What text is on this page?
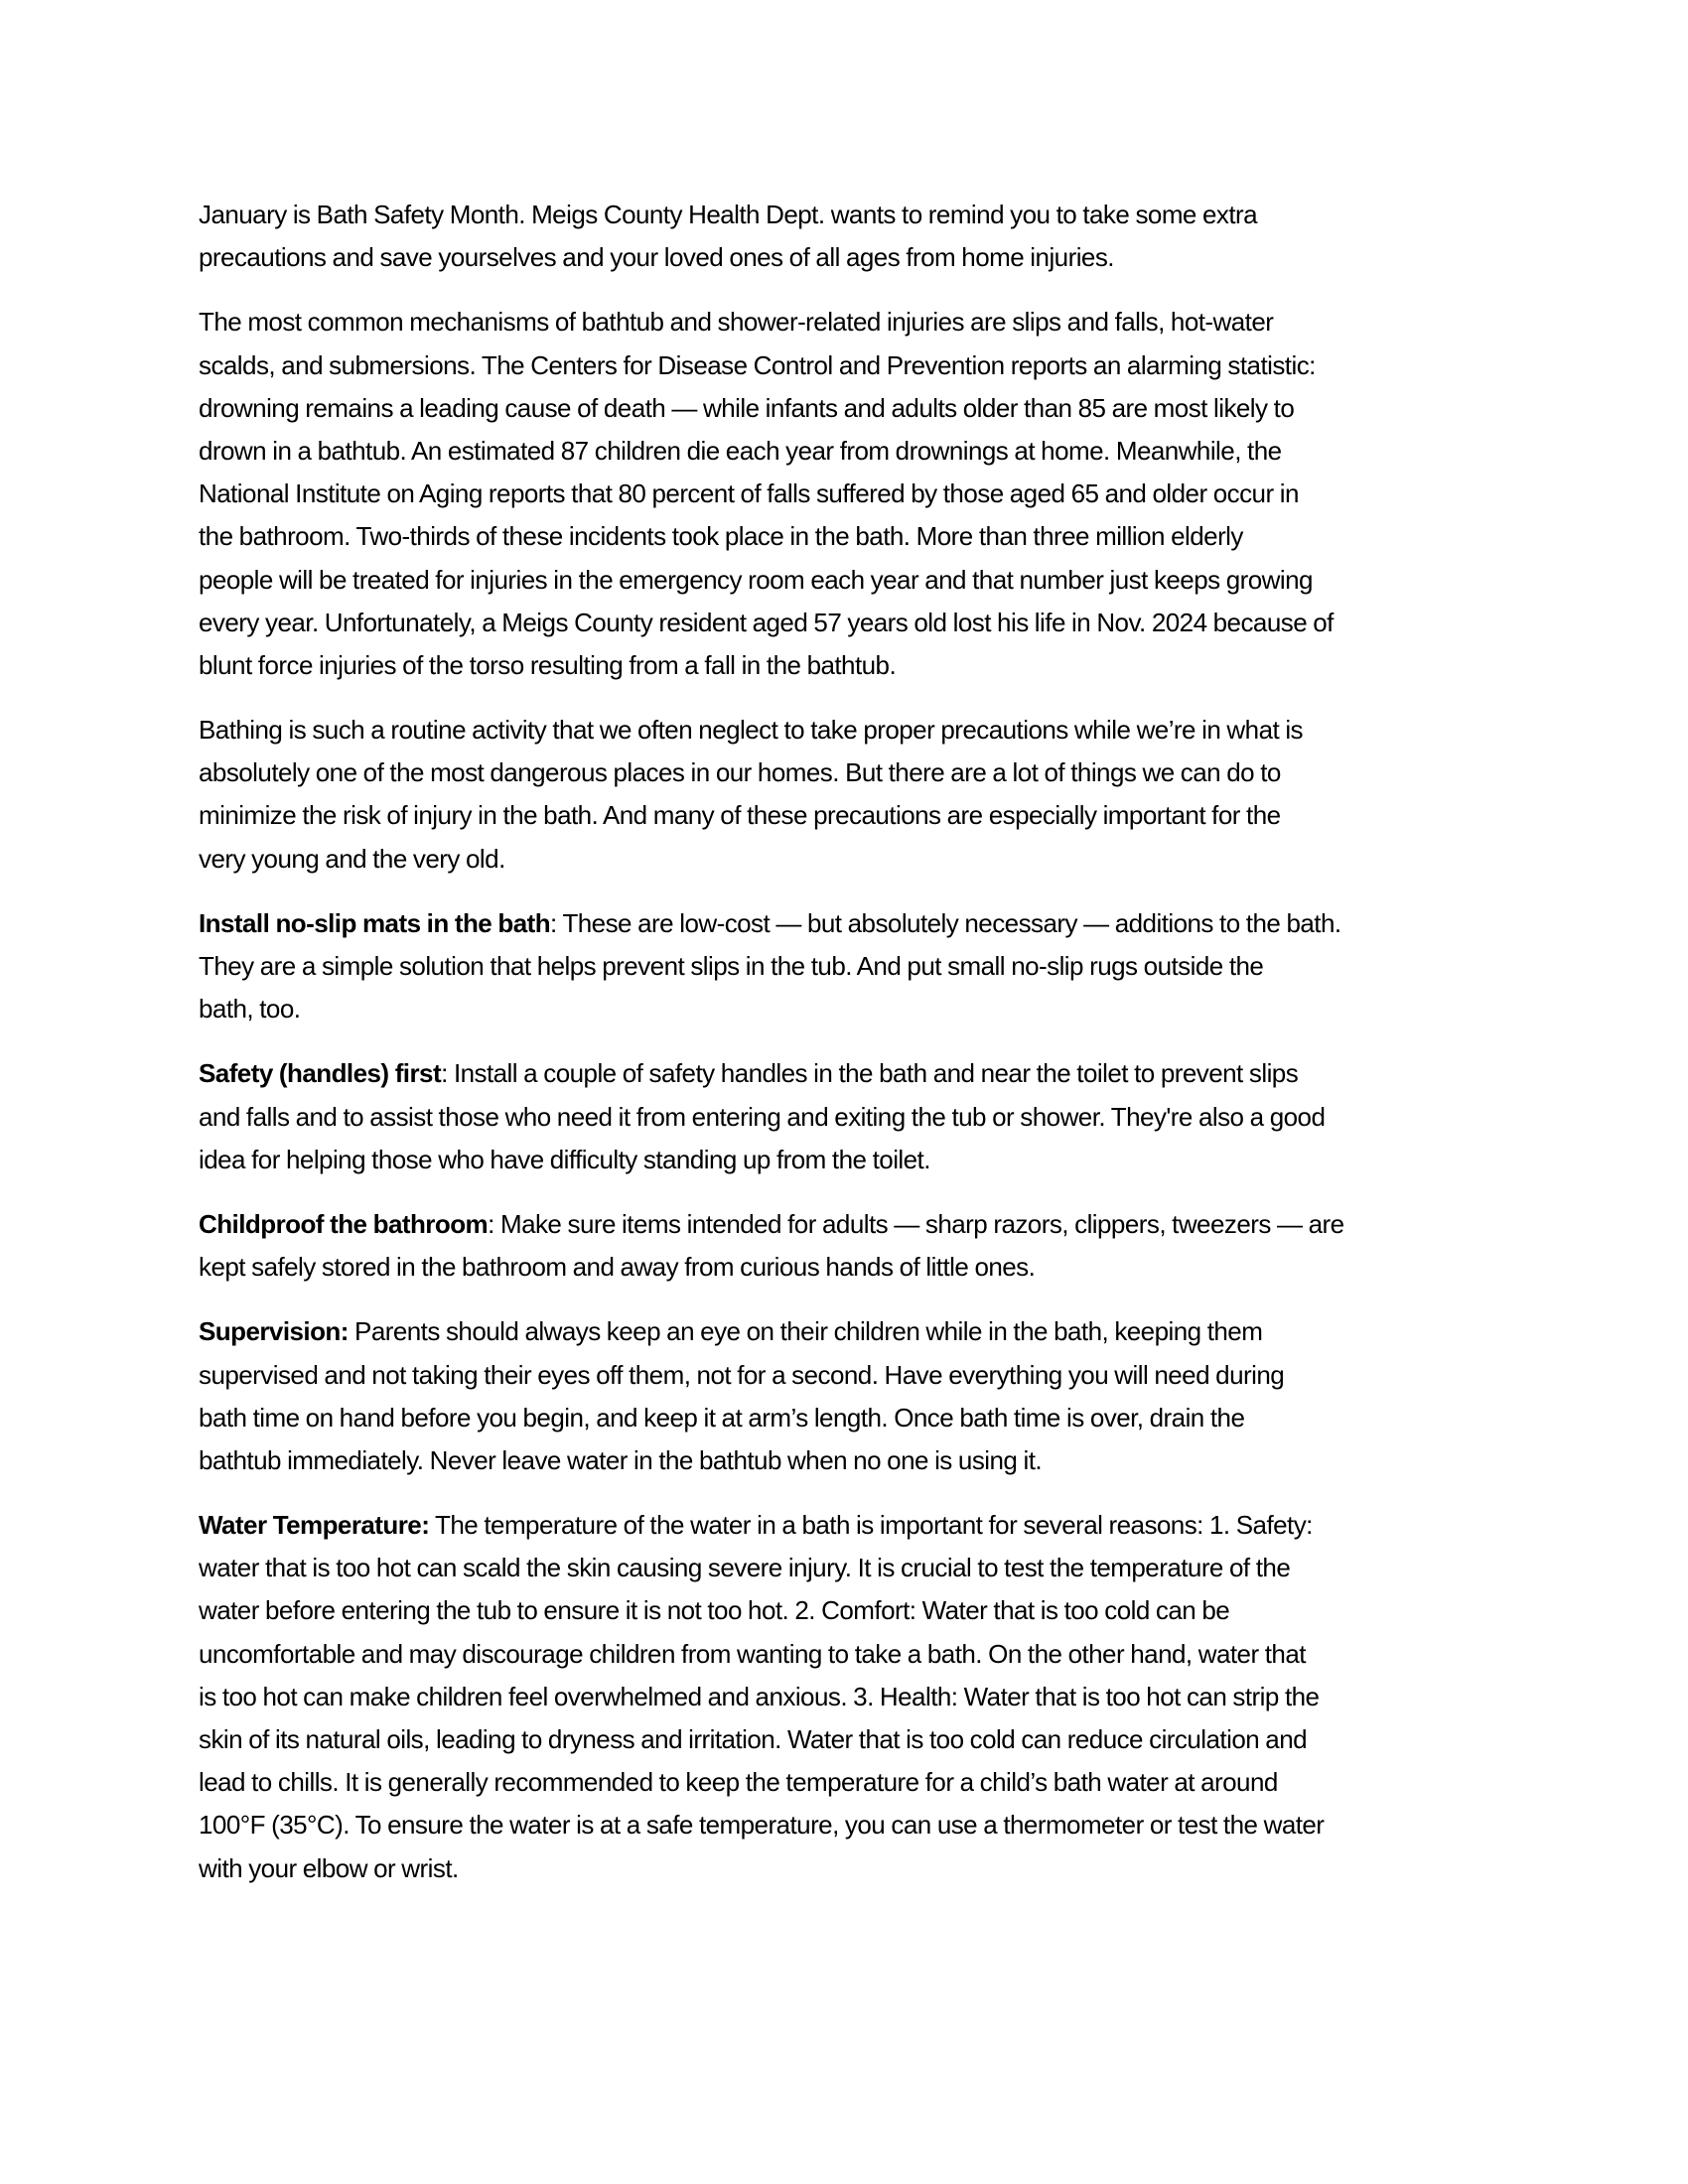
January is Bath Safety Month. Meigs County Health Dept. wants to remind you to take some extra
precautions and save yourselves and your loved ones of all ages from home injuries.

The most common mechanisms of bathtub and shower-related injuries are slips and falls, hot-water
scalds, and submersions. The Centers for Disease Control and Prevention reports an alarming statistic:
drowning remains a leading cause of death — while infants and adults older than 85 are most likely to
drown in a bathtub. An estimated 87 children die each year from drownings at home. Meanwhile, the
National Institute on Aging reports that 80 percent of falls suffered by those aged 65 and older occur in
the bathroom. Two-thirds of these incidents took place in the bath. More than three million elderly
people will be treated for injuries in the emergency room each year and that number just keeps growing
every year. Unfortunately, a Meigs County resident aged 57 years old lost his life in Nov. 2024 because of
blunt force injuries of the torso resulting from a fall in the bathtub.

Bathing is such a routine activity that we often neglect to take proper precautions while we’re in what is
absolutely one of the most dangerous places in our homes. But there are a lot of things we can do to
minimize the risk of injury in the bath. And many of these precautions are especially important for the
very young and the very old.

Install no-slip mats in the bath: These are low-cost — but absolutely necessary — additions to the bath.
They are a simple solution that helps prevent slips in the tub. And put small no-slip rugs outside the
bath, too.

Safety (handles) first: Install a couple of safety handles in the bath and near the toilet to prevent slips
and falls and to assist those who need it from entering and exiting the tub or shower. They're also a good
idea for helping those who have difficulty standing up from the toilet.

Childproof the bathroom: Make sure items intended for adults — sharp razors, clippers, tweezers — are
kept safely stored in the bathroom and away from curious hands of little ones.

Supervision: Parents should always keep an eye on their children while in the bath, keeping them
supervised and not taking their eyes off them, not for a second. Have everything you will need during
bath time on hand before you begin, and keep it at arm’s length. Once bath time is over, drain the
bathtub immediately. Never leave water in the bathtub when no one is using it.

Water Temperature: The temperature of the water in a bath is important for several reasons: 1. Safety:
water that is too hot can scald the skin causing severe injury. It is crucial to test the temperature of the
water before entering the tub to ensure it is not too hot. 2. Comfort: Water that is too cold can be
uncomfortable and may discourage children from wanting to take a bath. On the other hand, water that
is too hot can make children feel overwhelmed and anxious. 3. Health: Water that is too hot can strip the
skin of its natural oils, leading to dryness and irritation. Water that is too cold can reduce circulation and
lead to chills. It is generally recommended to keep the temperature for a child’s bath water at around
100°F (35°C). To ensure the water is at a safe temperature, you can use a thermometer or test the water
with your elbow or wrist.
